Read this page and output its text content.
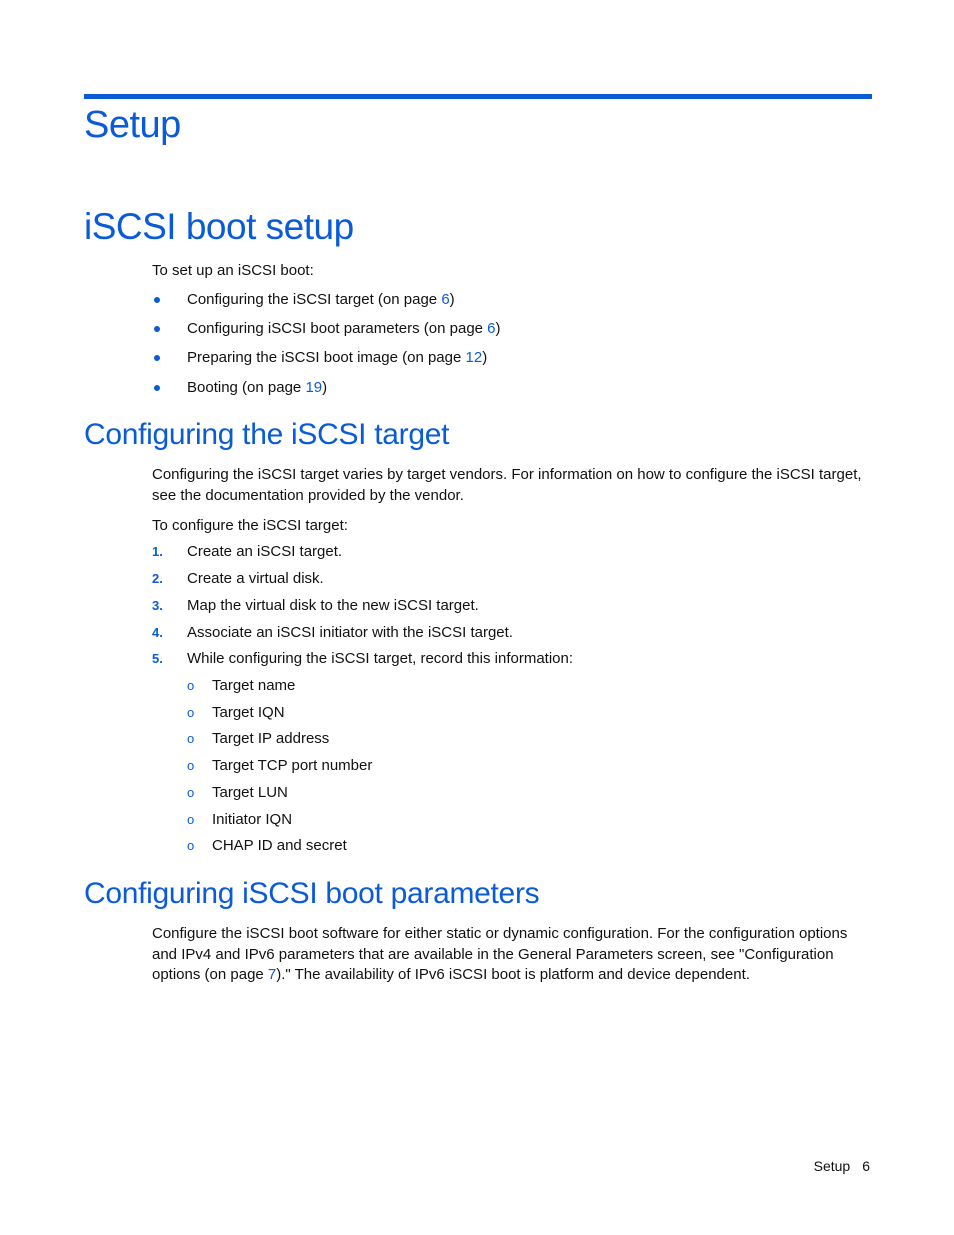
Setup
iSCSI boot setup

To set up an iSCSI boot:

Configuring the iSCSI target (on page 6)
Configuring iSCSI boot parameters (on page 6)
Preparing the iSCSI boot image (on page 12)
Booting (on page 19)
Configuring the iSCSI target

Configuring the iSCSI target varies by target vendors. For information on how to configure the iSCSI target, see the documentation provided by the vendor.

To configure the iSCSI target:

1. Create an iSCSI target.
2. Create a virtual disk.
3. Map the virtual disk to the new iSCSI target.
4. Associate an iSCSI initiator with the iSCSI target.
5. While configuring the iSCSI target, record this information:
o Target name
o Target IQN
o Target IP address
o Target TCP port number
o Target LUN
o Initiator IQN
o CHAP ID and secret
Configuring iSCSI boot parameters

Configure the iSCSI boot software for either static or dynamic configuration. For the configuration options and IPv4 and IPv6 parameters that are available in the General Parameters screen, see "Configuration options (on page 7)." The availability of IPv6 iSCSI boot is platform and device dependent.

Setup 6
